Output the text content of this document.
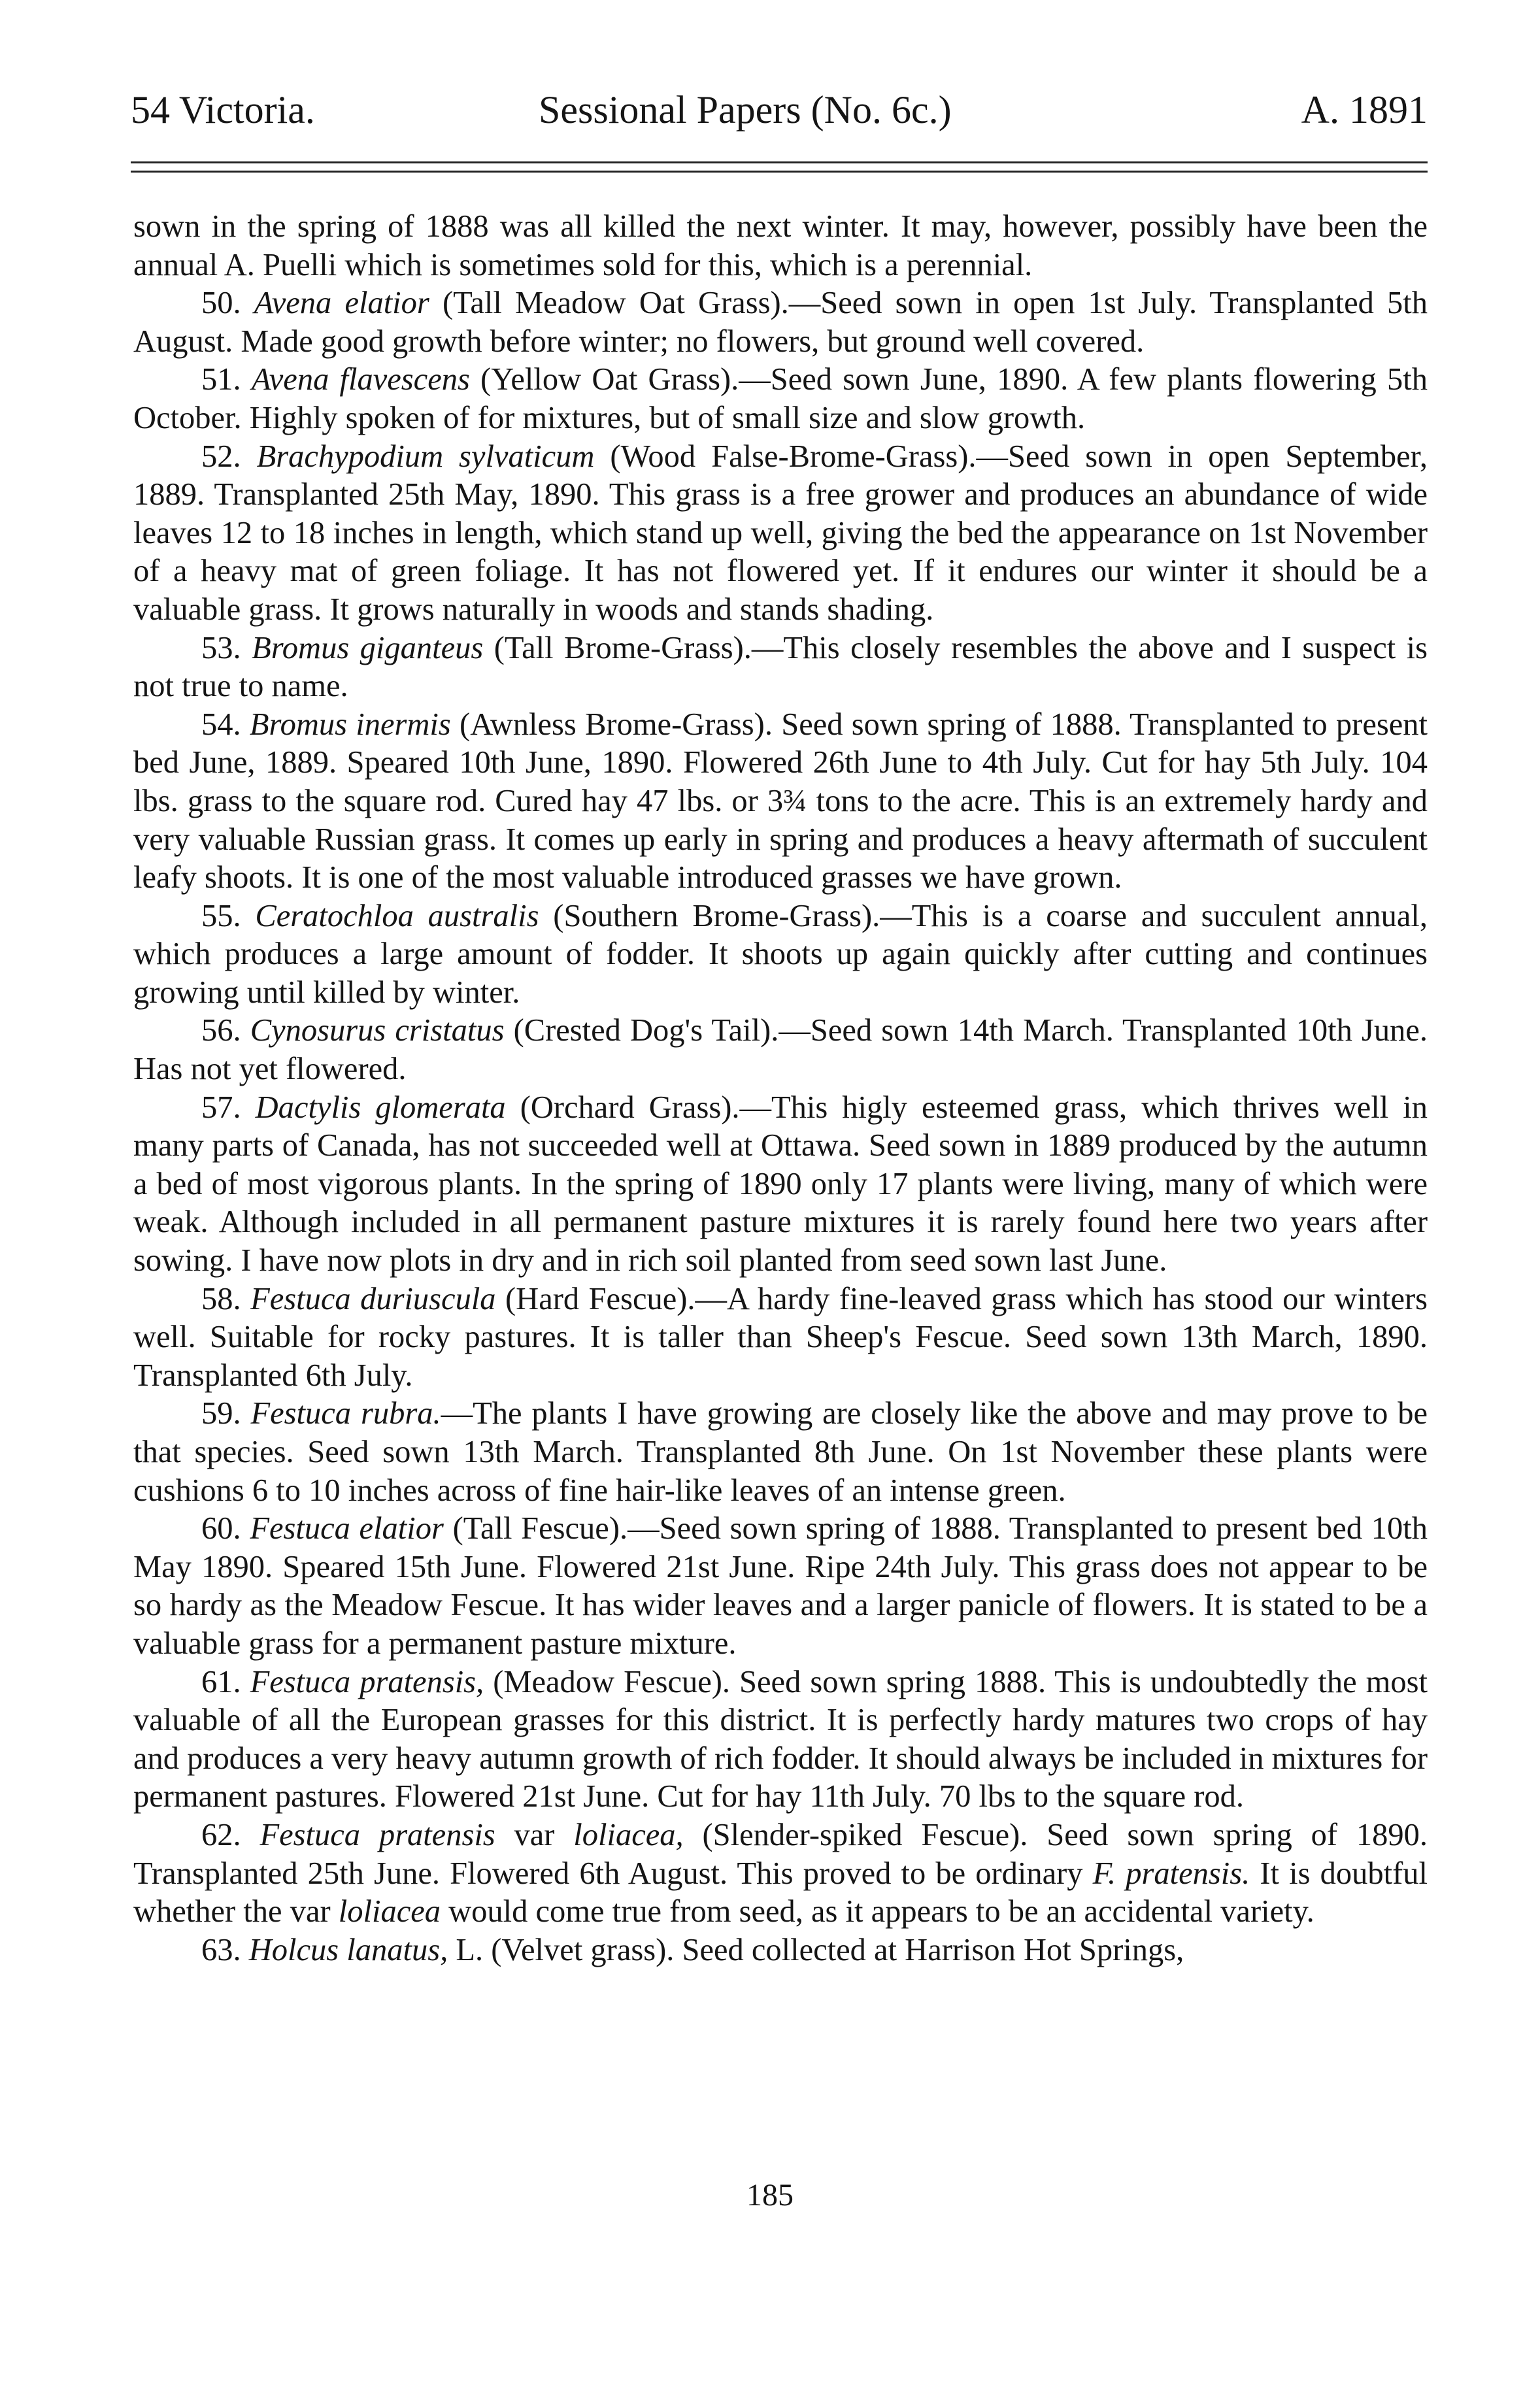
54 Victoria.	Sessional Papers (No. 6c.)	A. 1891

sown in the spring of 1888 was all killed the next winter. It may, however, possibly have been the annual A. Puelli which is sometimes sold for this, which is a perennial.

50. Avena elatior (Tall Meadow Oat Grass).—Seed sown in open 1st July. Transplanted 5th August. Made good growth before winter; no flowers, but ground well covered.

51. Avena flavescens (Yellow Oat Grass).—Seed sown June, 1890. A few plants flowering 5th October. Highly spoken of for mixtures, but of small size and slow growth.

52. Brachypodium sylvaticum (Wood False-Brome-Grass).—Seed sown in open September, 1889. Transplanted 25th May, 1890. This grass is a free grower and produces an abundance of wide leaves 12 to 18 inches in length, which stand up well, giving the bed the appearance on 1st November of a heavy mat of green foliage. It has not flowered yet. If it endures our winter it should be a valuable grass. It grows naturally in woods and stands shading.

53. Bromus giganteus (Tall Brome-Grass).—This closely resembles the above and I suspect is not true to name.

54. Bromus inermis (Awnless Brome-Grass). Seed sown spring of 1888. Transplanted to present bed June, 1889. Speared 10th June, 1890. Flowered 26th June to 4th July. Cut for hay 5th July. 104 lbs. grass to the square rod. Cured hay 47 lbs. or 3¾ tons to the acre. This is an extremely hardy and very valuable Russian grass. It comes up early in spring and produces a heavy aftermath of succulent leafy shoots. It is one of the most valuable introduced grasses we have grown.

55. Ceratochloa australis (Southern Brome-Grass).—This is a coarse and succulent annual, which produces a large amount of fodder. It shoots up again quickly after cutting and continues growing until killed by winter.

56. Cynosurus cristatus (Crested Dog's Tail).—Seed sown 14th March. Transplanted 10th June. Has not yet flowered.

57. Dactylis glomerata (Orchard Grass).—This higly esteemed grass, which thrives well in many parts of Canada, has not succeeded well at Ottawa. Seed sown in 1889 produced by the autumn a bed of most vigorous plants. In the spring of 1890 only 17 plants were living, many of which were weak. Although included in all permanent pasture mixtures it is rarely found here two years after sowing. I have now plots in dry and in rich soil planted from seed sown last June.

58. Festuca duriuscula (Hard Fescue).—A hardy fine-leaved grass which has stood our winters well. Suitable for rocky pastures. It is taller than Sheep's Fescue. Seed sown 13th March, 1890. Transplanted 6th July.

59. Festuca rubra.—The plants I have growing are closely like the above and may prove to be that species. Seed sown 13th March. Transplanted 8th June. On 1st November these plants were cushions 6 to 10 inches across of fine hair-like leaves of an intense green.

60. Festuca elatior (Tall Fescue).—Seed sown spring of 1888. Transplanted to present bed 10th May 1890. Speared 15th June. Flowered 21st June. Ripe 24th July. This grass does not appear to be so hardy as the Meadow Fescue. It has wider leaves and a larger panicle of flowers. It is stated to be a valuable grass for a permanent pasture mixture.

61. Festuca pratensis, (Meadow Fescue). Seed sown spring 1888. This is undoubtedly the most valuable of all the European grasses for this district. It is perfectly hardy matures two crops of hay and produces a very heavy autumn growth of rich fodder. It should always be included in mixtures for permanent pastures. Flowered 21st June. Cut for hay 11th July. 70 lbs to the square rod.

62. Festuca pratensis var loliacea, (Slender-spiked Fescue). Seed sown spring of 1890. Transplanted 25th June. Flowered 6th August. This proved to be ordinary F. pratensis. It is doubtful whether the var loliacea would come true from seed, as it appears to be an accidental variety.

63. Holcus lanatus, L. (Velvet grass). Seed collected at Harrison Hot Springs,

185
